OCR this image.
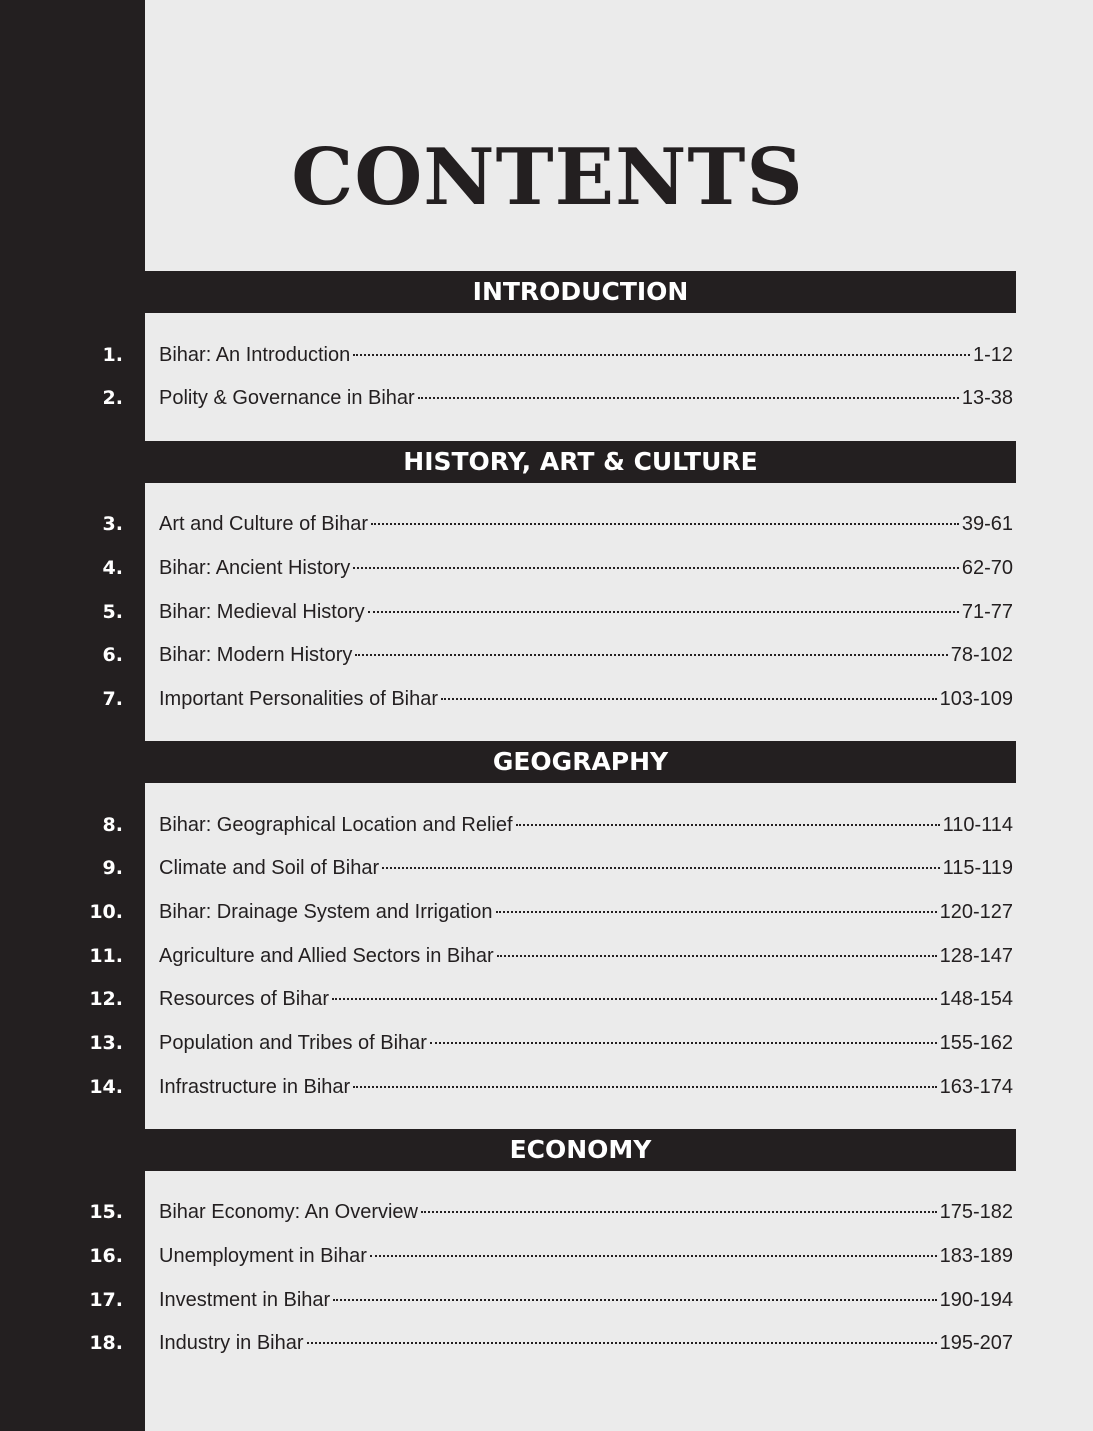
CONTENTS
INTRODUCTION
1. Bihar: An Introduction	1-12
2. Polity & Governance in Bihar	13-38
HISTORY, ART & CULTURE
3. Art and Culture of Bihar	39-61
4. Bihar: Ancient History	62-70
5. Bihar: Medieval History	71-77
6. Bihar: Modern History	78-102
7. Important Personalities of Bihar	103-109
GEOGRAPHY
8. Bihar: Geographical Location and Relief	110-114
9. Climate and Soil of Bihar	115-119
10. Bihar: Drainage System and Irrigation	120-127
11. Agriculture and Allied Sectors in Bihar	128-147
12. Resources of Bihar	148-154
13. Population and Tribes of Bihar	155-162
14. Infrastructure in Bihar	163-174
ECONOMY
15. Bihar Economy: An Overview	175-182
16. Unemployment in Bihar	183-189
17. Investment in Bihar	190-194
18. Industry in Bihar	195-207
